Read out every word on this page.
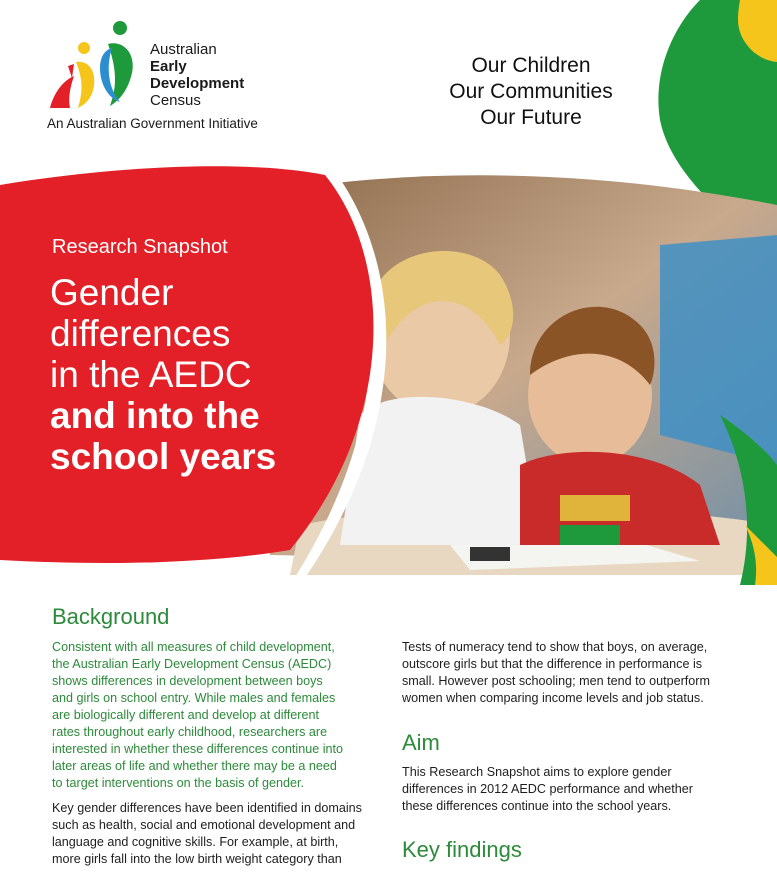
Australian
Early
Development
Census
An Australian Government Initiative
Our Children
Our Communities
Our Future
Research Snapshot
Gender
differences
in the AEDC
and into the
school years
Background
Consistent with all measures of child development,
the Australian Early Development Census (AEDC)
shows differences in development between boys
and girls on school entry. While males and females
are biologically different and develop at different
rates throughout early childhood, researchers are
interested in whether these differences continue into
later areas of life and whether there may be a need
to target interventions on the basis of gender.
Key gender differences have been identified in domains
such as health, social and emotional development and
language and cognitive skills. For example, at birth,
more girls fall into the low birth weight category than
Tests of numeracy tend to show that boys, on average,
outscore girls but that the difference in performance is
small. However post schooling; men tend to outperform
women when comparing income levels and job status.
Aim
This Research Snapshot aims to explore gender
differences in 2012 AEDC performance and whether
these differences continue into the school years.
Key findings
